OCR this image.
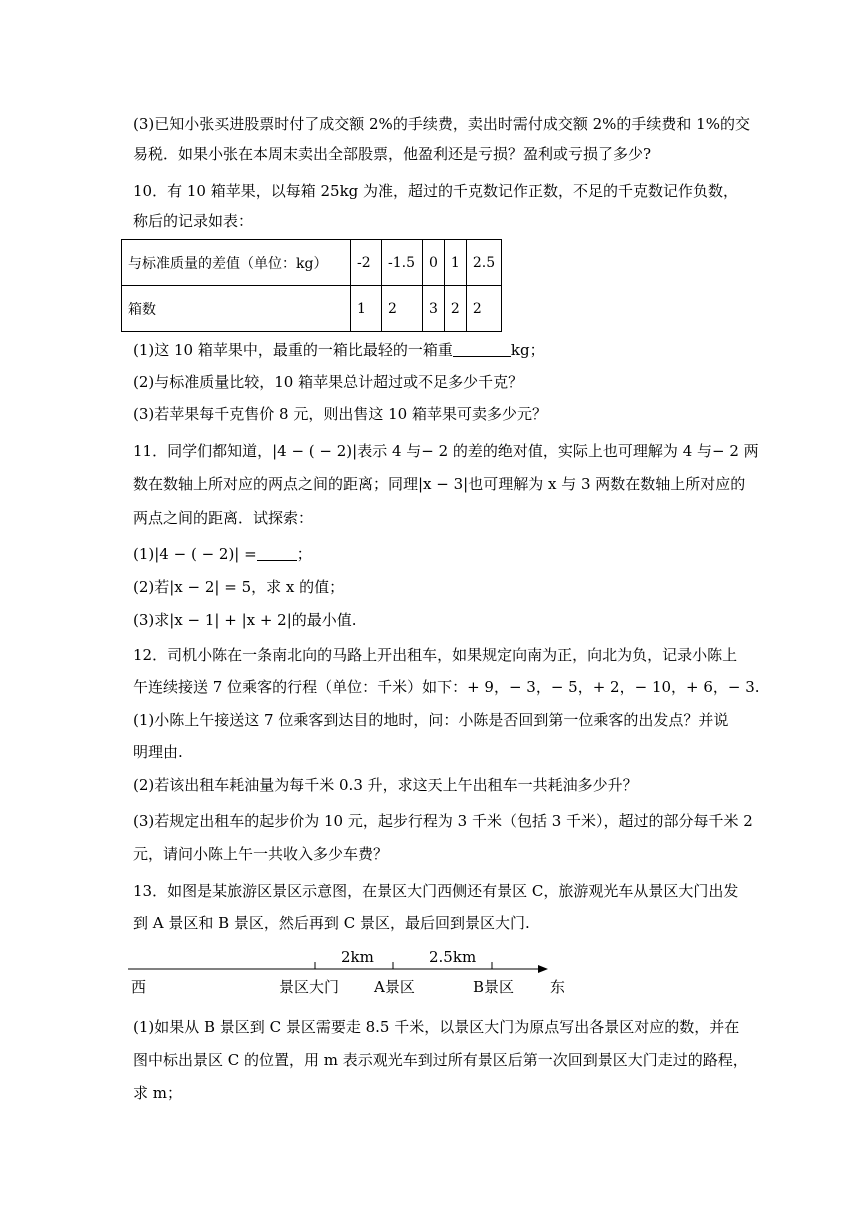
(3)已知小张买进股票时付了成交额 2%的手续费，卖出时需付成交额 2%的手续费和 1%的交
易税．如果小张在本周末卖出全部股票，他盈利还是亏损？盈利或亏损了多少?
10．有 10 箱苹果，以每箱 25kg 为准，超过的千克数记作正数，不足的千克数记作负数，
称后的记录如表：
与标准质量的差值（单位：kg）	-2	-1.5	0	1	2.5
箱数	1	2	3	2	2
(1)这 10 箱苹果中，最重的一箱比最轻的一箱重	kg；
(2)与标准质量比较，10 箱苹果总计超过或不足多少千克？
(3)若苹果每千克售价 8 元，则出售这 10 箱苹果可卖多少元？
11．同学们都知道，|4 − ( − 2)|表示 4 与− 2 的差的绝对值，实际上也可理解为 4 与− 2 两
数在数轴上所对应的两点之间的距离；同理|x − 3|也可理解为 x 与 3 两数在数轴上所对应的
两点之间的距离．试探索：
(1)|4 − ( − 2)| =	；
(2)若|x − 2| = 5，求 x 的值；
(3)求|x − 1| + |x + 2|的最小值.
12．司机小陈在一条南北向的马路上开出租车，如果规定向南为正，向北为负，记录小陈上
午连续接送 7 位乘客的行程（单位：千米）如下：+ 9，− 3，− 5，+ 2，− 10，+ 6，− 3.
(1)小陈上午接送这 7 位乘客到达目的地时，问：小陈是否回到第一位乘客的出发点？并说
明理由.
(2)若该出租车耗油量为每千米 0.3 升，求这天上午出租车一共耗油多少升？
(3)若规定出租车的起步价为 10 元，起步行程为 3 千米（包括 3 千米），超过的部分每千米 2
元，请问小陈上午一共收入多少车费？
13．如图是某旅游区景区示意图，在景区大门西侧还有景区 C，旅游观光车从景区大门出发
到 A 景区和 B 景区，然后再到 C 景区，最后回到景区大门.
2km	2.5km
西	景区大门 A景区	B景区 东
(1)如果从 B 景区到 C 景区需要走 8.5 千米，以景区大门为原点写出各景区对应的数，并在
图中标出景区 C 的位置，用 m 表示观光车到过所有景区后第一次回到景区大门走过的路程，
求 m；
